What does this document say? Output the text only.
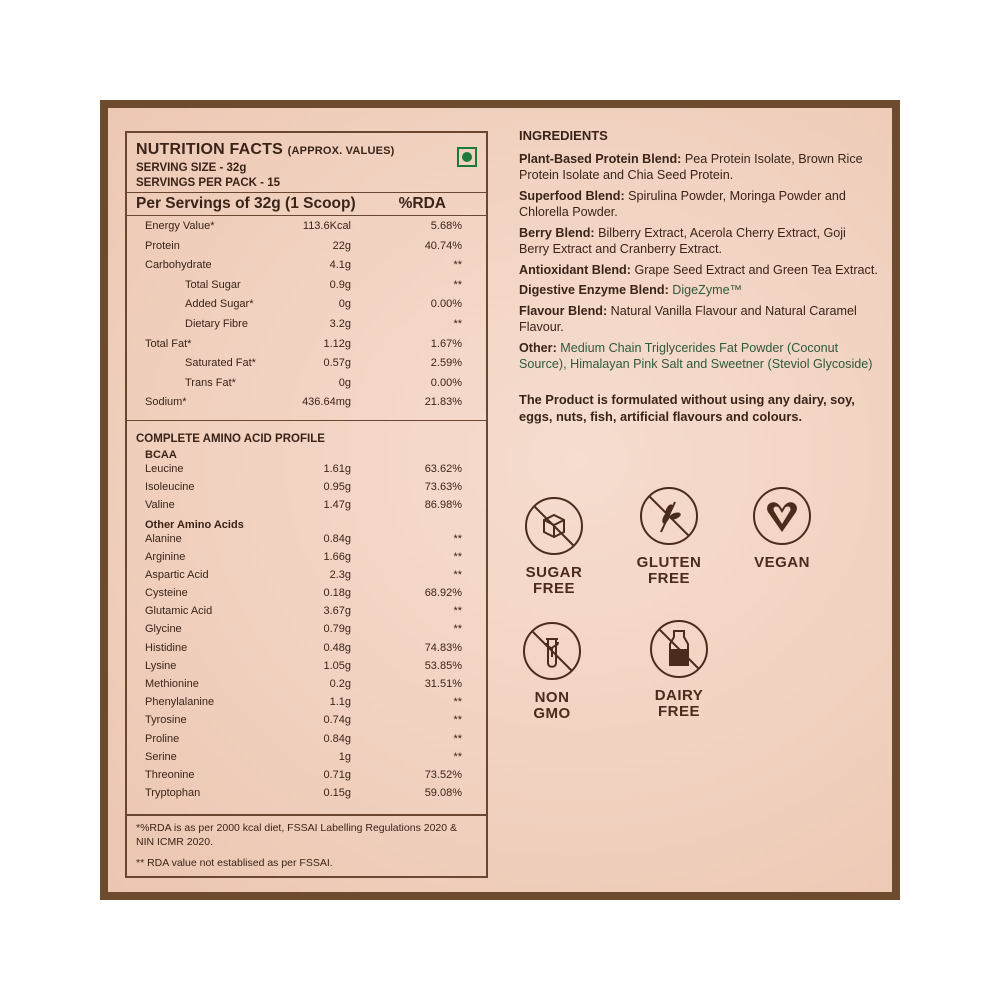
NUTRITION FACTS (APPROX. VALUES)
SERVING SIZE - 32g
SERVINGS PER PACK - 15
Per Servings of 32g (1 Scoop)	%RDA
Energy Value*	113.6Kcal	5.68%
Protein	22g	40.74%
Carbohydrate	4.1g	**
Total Sugar	0.9g	**
Added Sugar*	0g	0.00%
Dietary Fibre	3.2g	**
Total Fat*	1.12g	1.67%
Saturated Fat*	0.57g	2.59%
Trans Fat*	0g	0.00%
Sodium*	436.64mg	21.83%
COMPLETE AMINO ACID PROFILE
BCAA
Leucine	1.61g	63.62%
Isoleucine	0.95g	73.63%
Valine	1.47g	86.98%
Other Amino Acids
Alanine	0.84g	**
Arginine	1.66g	**
Aspartic Acid	2.3g	**
Cysteine	0.18g	68.92%
Glutamic Acid	3.67g	**
Glycine	0.79g	**
Histidine	0.48g	74.83%
Lysine	1.05g	53.85%
Methionine	0.2g	31.51%
Phenylalanine	1.1g	**
Tyrosine	0.74g	**
Proline	0.84g	**
Serine	1g	**
Threonine	0.71g	73.52%
Tryptophan	0.15g	59.08%

*%RDA is as per 2000 kcal diet, FSSAI Labelling Regulations 2020 & NIN ICMR 2020.

** RDA value not establised as per FSSAI.

INGREDIENTS

Plant-Based Protein Blend: Pea Protein Isolate, Brown Rice Protein Isolate and Chia Seed Protein.

Superfood Blend: Spirulina Powder, Moringa Powder and Chlorella Powder.

Berry Blend: Bilberry Extract, Acerola Cherry Extract, Goji Berry Extract and Cranberry Extract.

Antioxidant Blend: Grape Seed Extract and Green Tea Extract.

Digestive Enzyme Blend: DigeZyme™

Flavour Blend: Natural Vanilla Flavour and Natural Caramel Flavour.

Other: Medium Chain Triglycerides Fat Powder (Coconut Source), Himalayan Pink Salt and Sweetner (Steviol Glycoside)

The Product is formulated without using any dairy, soy, eggs, nuts, fish, artificial flavours and colours.

SUGAR
FREE
GLUTEN
FREE
VEGAN
NON
GMO
DAIRY
FREE
